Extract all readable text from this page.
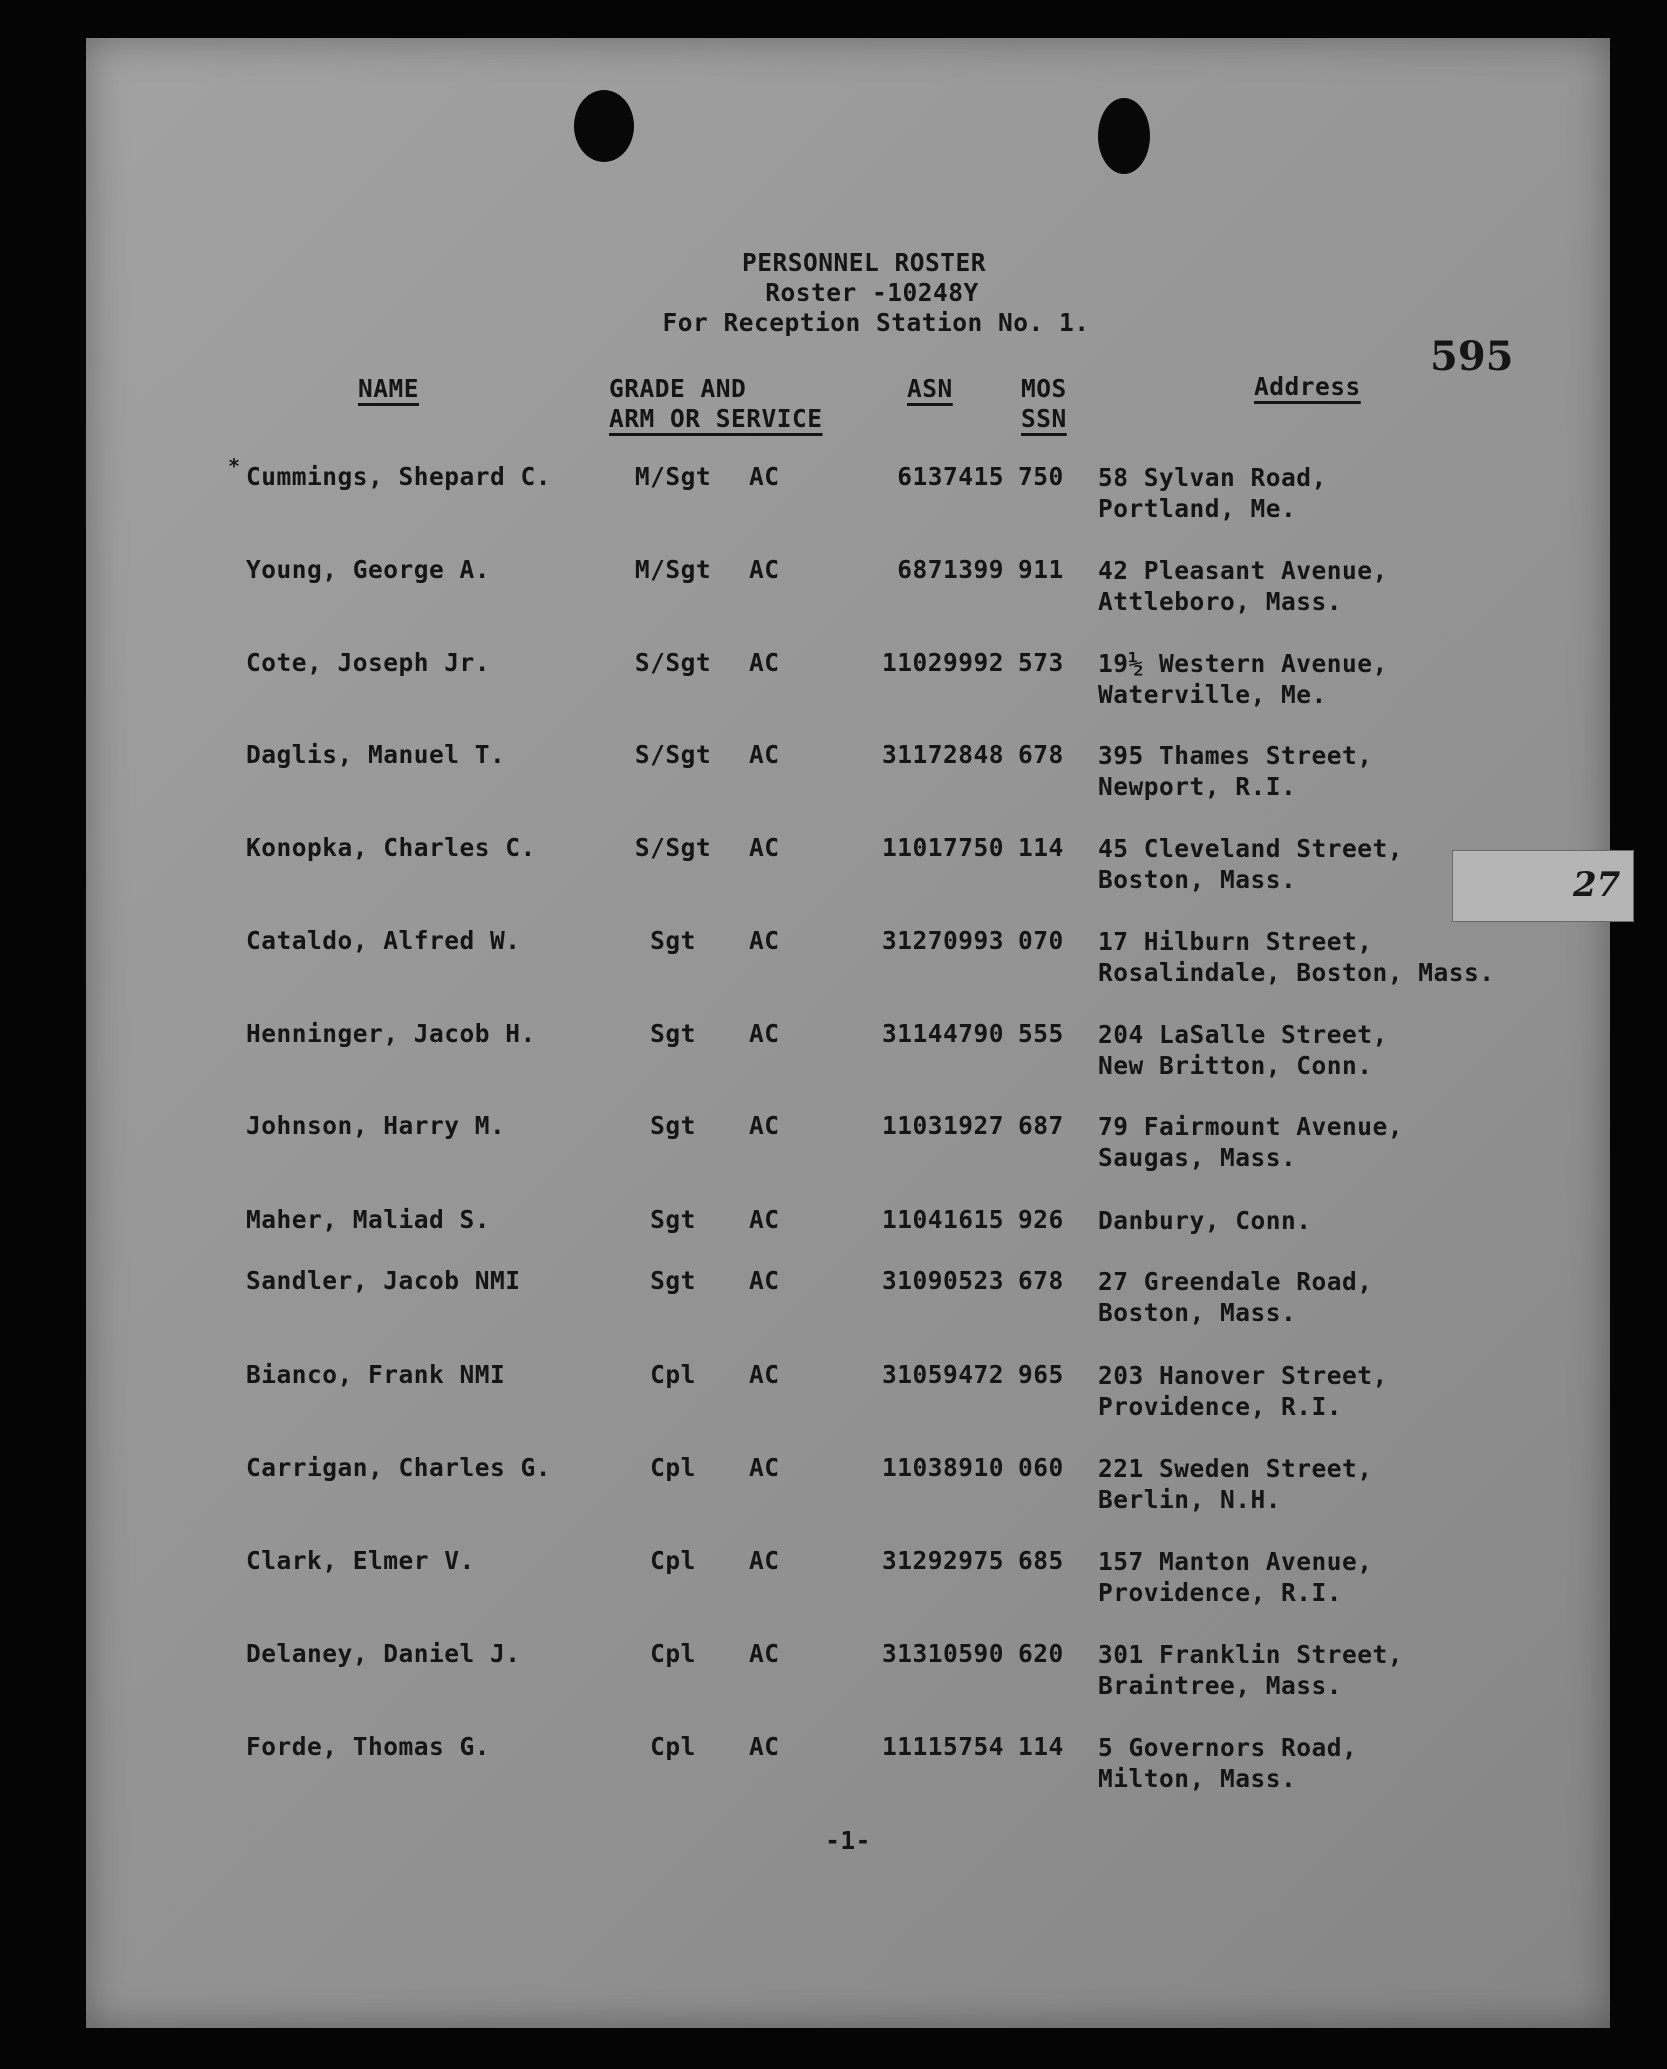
PERSONNEL ROSTER
Roster -10248Y
For Reception Station No. 1.
595
NAME	GRADE AND
ARM OR SERVICE
ASN	MOS
SSN
Address
* Cummings, Shepard C.	M/Sgt	AC	6137415 750 58 Sylvan Road,
Portland, Me.
Young, George A.	M/Sgt	AC	6871399 911 42 Pleasant Avenue,
Attleboro, Mass.
Cote, Joseph Jr.	S/Sgt	AC	11029992 573 19½ Western Avenue,
Waterville, Me.
Daglis, Manuel T.	S/Sgt	AC	31172848 678 395 Thames Street,
Newport, R.I.
Konopka, Charles C.	S/Sgt	AC	11017750 114 45 Cleveland Street,
Boston, Mass.
Cataldo, Alfred W.	Sgt	AC	31270993 070 17 Hilburn Street,
Rosalindale, Boston, Mass.
Henninger, Jacob H.	Sgt	AC	31144790 555 204 LaSalle Street,
New Britton, Conn.
Johnson, Harry M.	Sgt	AC	11031927 687 79 Fairmount Avenue,
Saugas, Mass.
Maher, Maliad S.	Sgt	AC	11041615 926 Danbury, Conn.
Sandler, Jacob NMI	Sgt	AC	31090523 678 27 Greendale Road,
Boston, Mass.
Bianco, Frank NMI	Cpl	AC	31059472 965 203 Hanover Street,
Providence, R.I.
Carrigan, Charles G.	Cpl	AC	11038910 060 221 Sweden Street,
Berlin, N.H.
Clark, Elmer V.	Cpl	AC	31292975 685 157 Manton Avenue,
Providence, R.I.
Delaney, Daniel J.	Cpl	AC	31310590 620 301 Franklin Street,
Braintree, Mass.
Forde, Thomas G.	Cpl	AC	11115754 114 5 Governors Road,
Milton, Mass.
-1-
27
